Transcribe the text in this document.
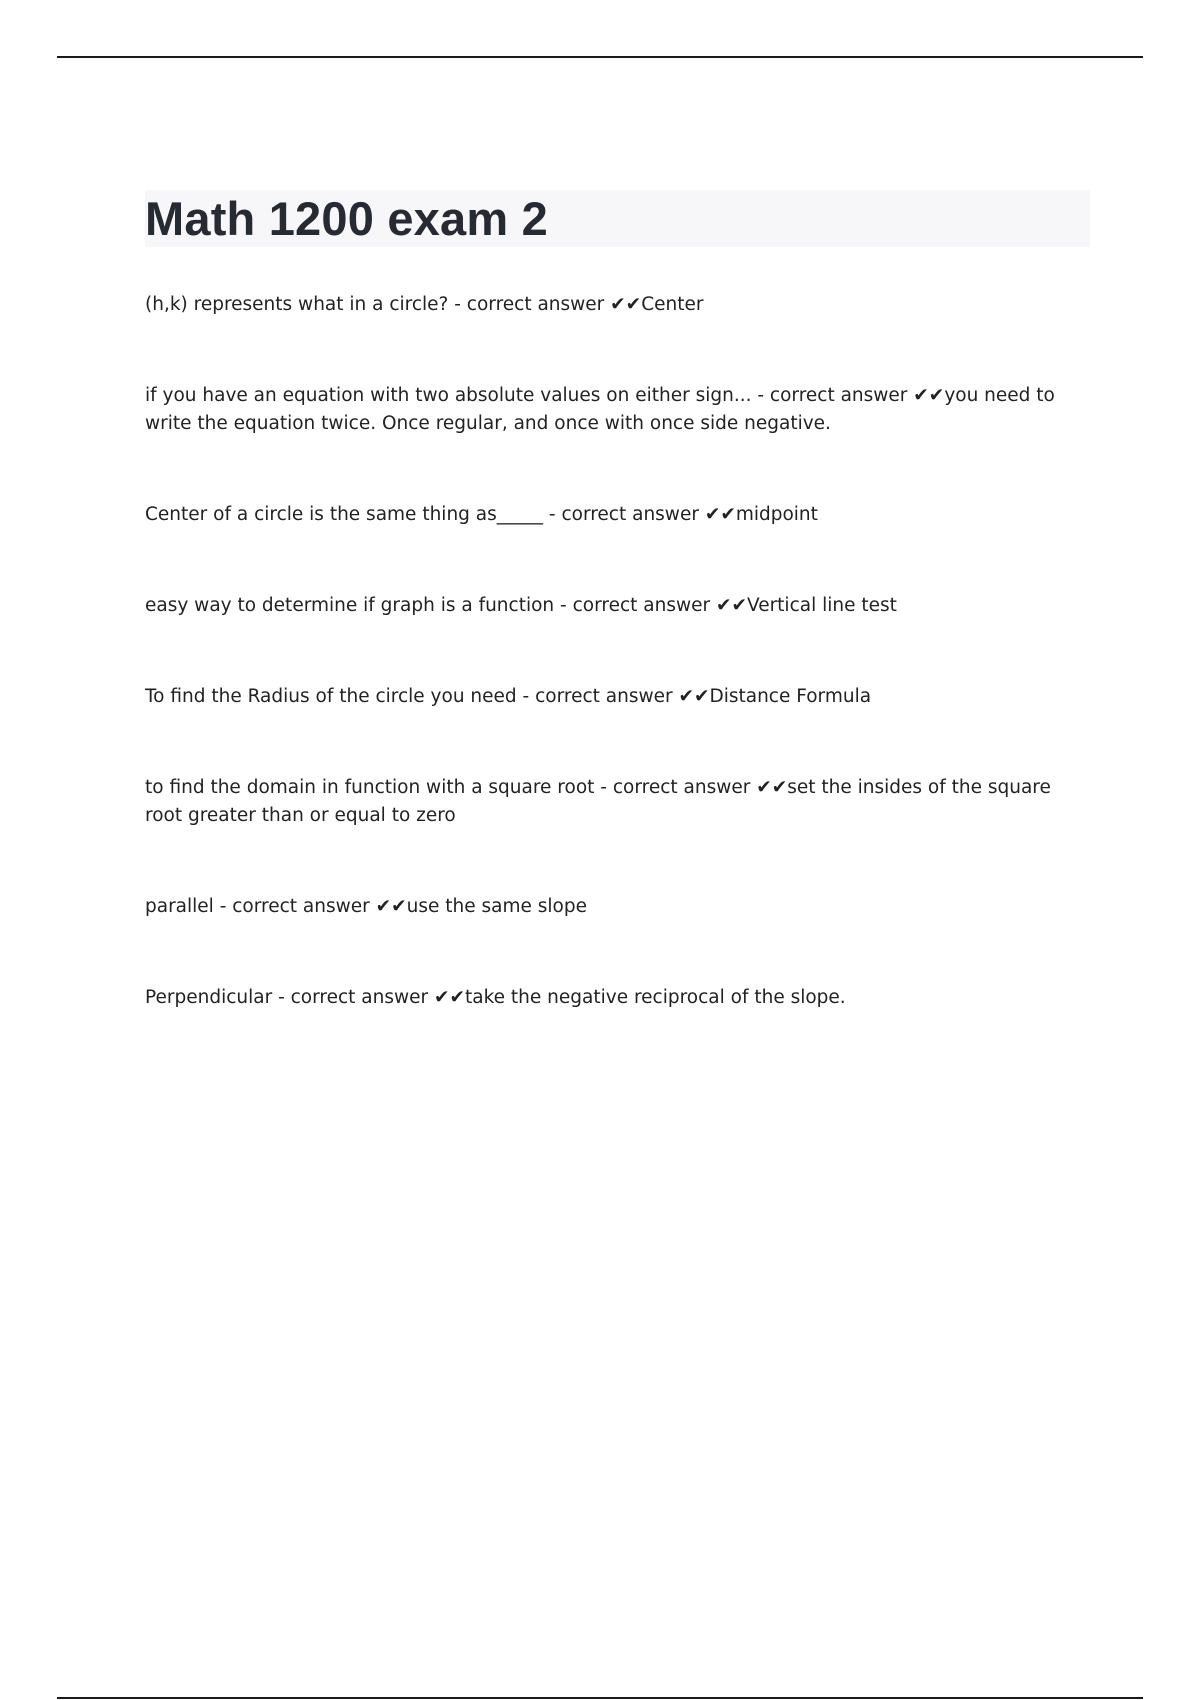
Math 1200 exam 2
(h,k) represents what in a circle? - correct answer ✔✔Center
if you have an equation with two absolute values on either sign... - correct answer ✔✔you need to write the equation twice. Once regular, and once with once side negative.
Center of a circle is the same thing as_____ - correct answer ✔✔midpoint
easy way to determine if graph is a function - correct answer ✔✔Vertical line test
To find the Radius of the circle you need - correct answer ✔✔Distance Formula
to find the domain in function with a square root - correct answer ✔✔set the insides of the square root greater than or equal to zero
parallel - correct answer ✔✔use the same slope
Perpendicular - correct answer ✔✔take the negative reciprocal of the slope.
